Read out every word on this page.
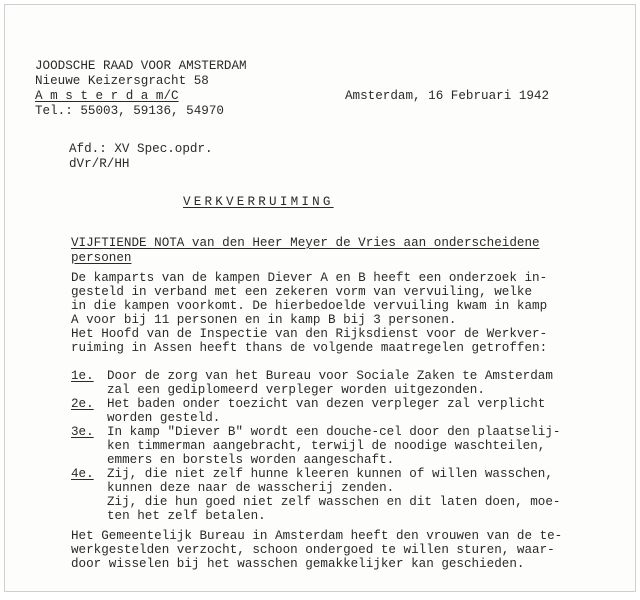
JOODSCHE RAAD VOOR AMSTERDAM
Nieuwe Keizersgracht 58
A m s t e r d a m/C
Tel.: 55003, 59136, 54970
Amsterdam, 16 Februari 1942
Afd.: XV Spec.opdr.
dVr/R/HH
VERKVERRUIMING
VIJFTIENDE NOTA van den Heer Meyer de Vries aan onderscheidene
personen
De kamparts van de kampen Diever A en B heeft een onderzoek in-
gesteld in verband met een zekeren vorm van vervuiling, welke
in die kampen voorkomt. De hierbedoelde vervuiling kwam in kamp
A voor bij 11 personen en in kamp B bij 3 personen.
Het Hoofd van de Inspectie van den Rijksdienst voor de Werkver-
ruiming in Assen heeft thans de volgende maatregelen getroffen:
1e. Door de zorg van het Bureau voor Sociale Zaken te Amsterdam
zal een gediplomeerd verpleger worden uitgezonden.
2e. Het baden onder toezicht van dezen verpleger zal verplicht
worden gesteld.
3e. In kamp "Diever B" wordt een douche-cel door den plaatselij-
ken timmerman aangebracht, terwijl de noodige waschteilen,
emmers en borstels worden aangeschaft.
4e. Zij, die niet zelf hunne kleeren kunnen of willen wasschen,
kunnen deze naar de wasscherij zenden.
Zij, die hun goed niet zelf wasschen en dit laten doen, moe-
ten het zelf betalen.
Het Gemeentelijk Bureau in Amsterdam heeft den vrouwen van de te-
werkgestelden verzocht, schoon ondergoed te willen sturen, waar-
door wisselen bij het wasschen gemakkelijker kan geschieden.
